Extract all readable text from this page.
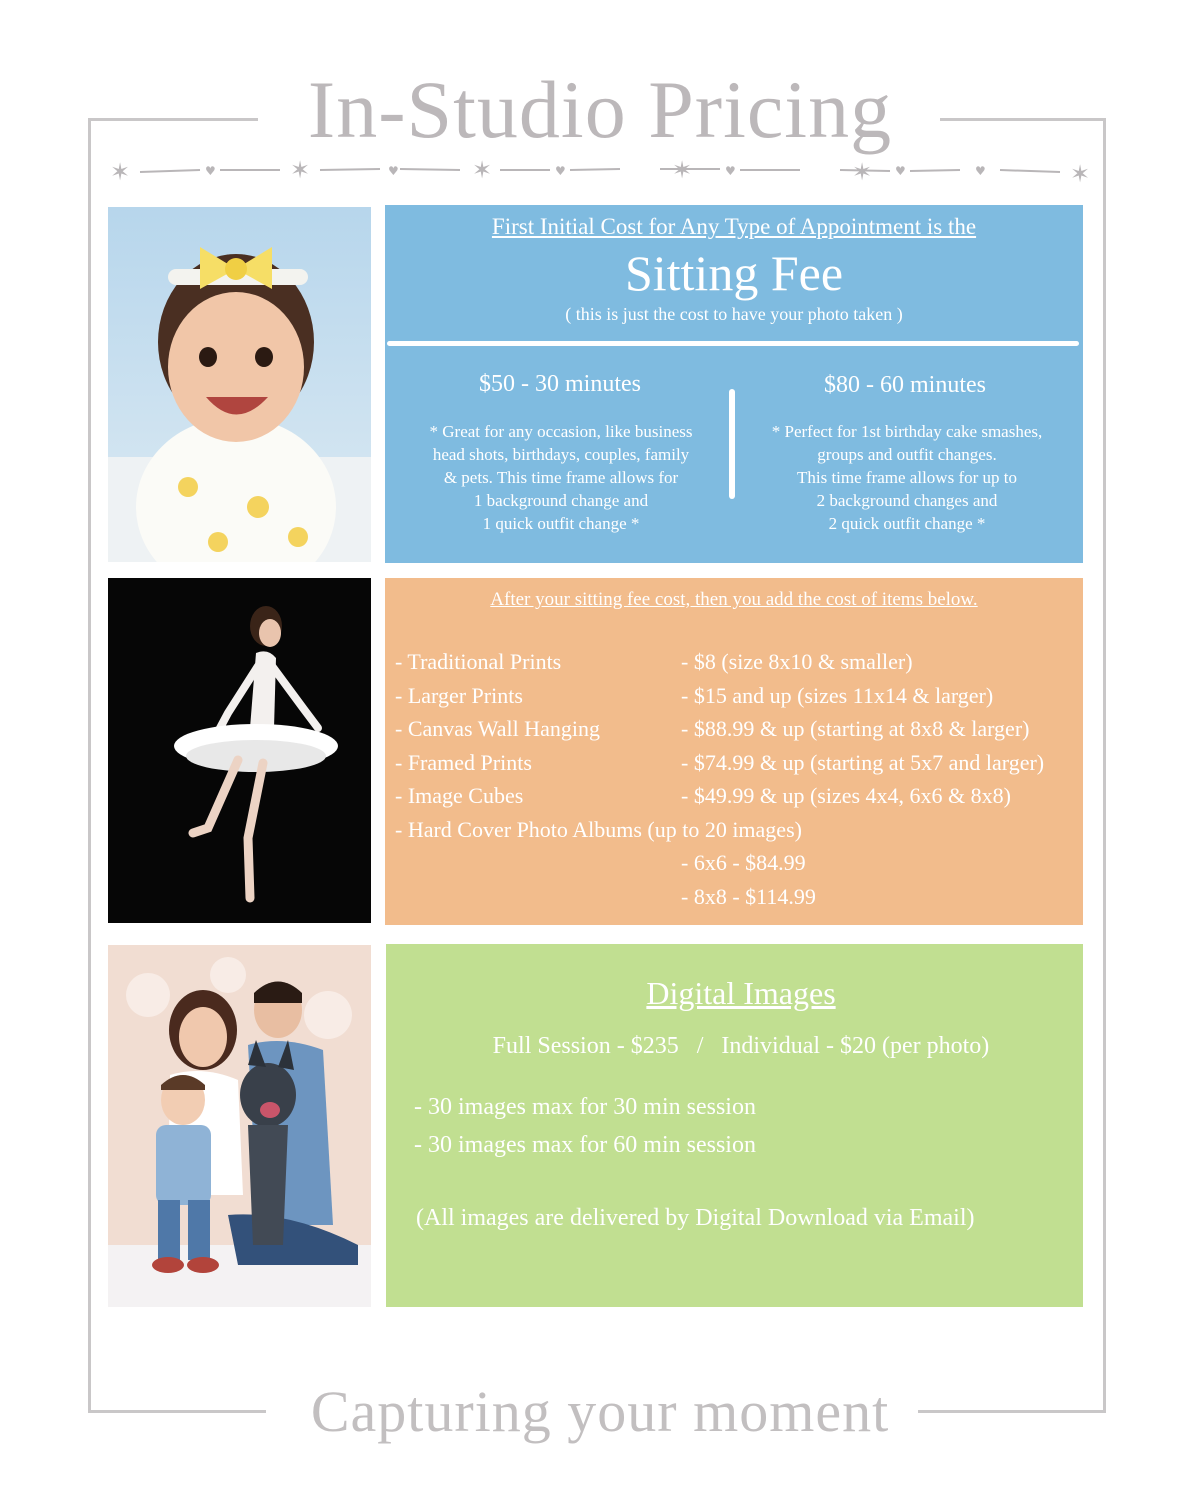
In-Studio Pricing
✶	✶	✶	✶	✶	✶
♥	♥	♥	♥	♥	♥
First Initial Cost for Any Type of Appointment is the
Sitting Fee
( this is just the cost to have your photo taken )
$50 - 30 minutes
* Great for any occasion, like business
head shots, birthdays, couples, family
& pets. This time frame allows for
1 background change and
1 quick outfit change *
$80 - 60 minutes
* Perfect for 1st birthday cake smashes,
groups and outfit changes.
This time frame allows for up to
2 background changes and
2 quick outfit change *
After your sitting fee cost, then you add the cost of items below.
- Traditional Prints	- $8 (size 8x10 & smaller)
- Larger Prints	- $15 and up (sizes 11x14 & larger)
- Canvas Wall Hanging	- $88.99 & up (starting at 8x8 & larger)
- Framed Prints	- $74.99 & up (starting at 5x7 and larger)
- Image Cubes	- $49.99 & up (sizes 4x4, 6x6 & 8x8)
- Hard Cover Photo Albums (up to 20 images)
- 6x6 - $84.99
- 8x8 - $114.99
Digital Images
Full Session - $235   /   Individual - $20 (per photo)
- 30 images max for 30 min session
- 30 images max for 60 min session
(All images are delivered by Digital Download via Email)
Capturing your moment
